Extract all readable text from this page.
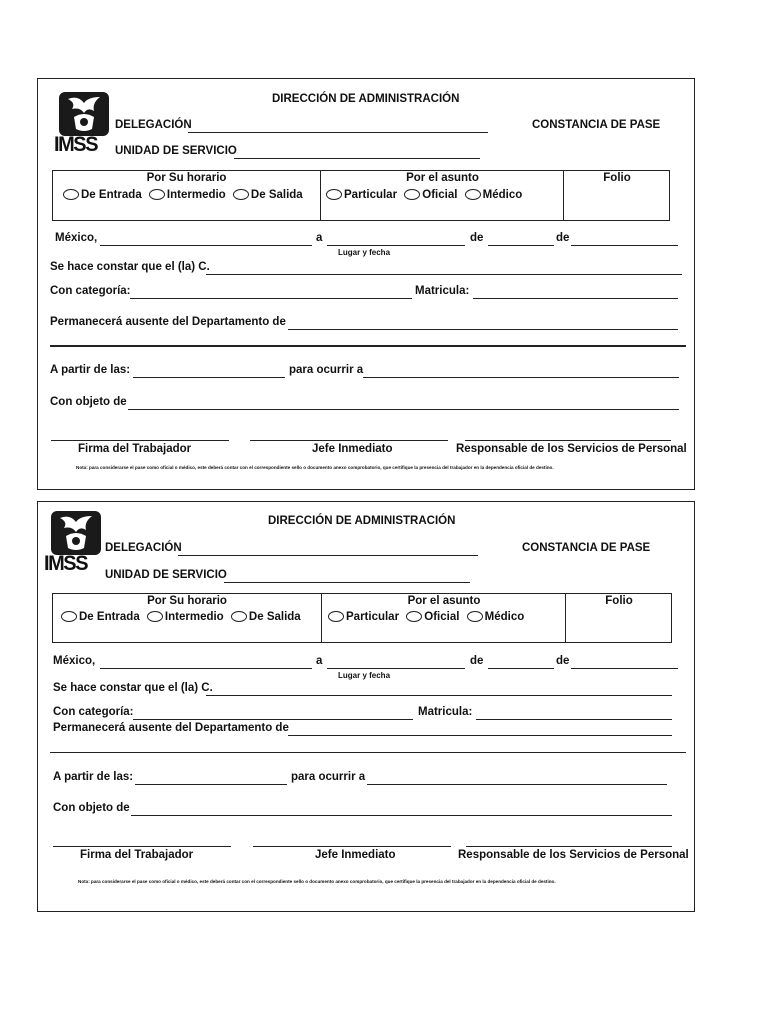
IMSS
DIRECCIÓN DE ADMINISTRACIÓN
DELEGACIÓN	CONSTANCIA DE PASE
UNIDAD DE SERVICIO
Por Su horario
De Entrada Intermedio De Salida
Por el asunto
Particular Oficial Médico
Folio
México,	a	de	de
Lugar y fecha
Se hace constar que el (la) C.
Con categoría:	Matricula:
Permanecerá ausente del Departamento de
A partir de las:	para ocurrir a
Con objeto de
Firma del Trabajador	Jefe Inmediato	Responsable de los Servicios de Personal
Nota: para considerarse el pase como oficial o médico, este deberá contar con el correspondiente sello o documento anexo comprobatorio, que certifique la presencia del trabajador en la dependencia oficial de destino.
IMSS
DIRECCIÓN DE ADMINISTRACIÓN
DELEGACIÓN	CONSTANCIA DE PASE
UNIDAD DE SERVICIO
Por Su horario
De Entrada Intermedio De Salida
Por el asunto
Particular Oficial Médico
Folio
México,	a	de	de
Lugar y fecha
Se hace constar que el (la) C.
Con categoría:	Matricula:
Permanecerá ausente del Departamento de
A partir de las:	para ocurrir a
Con objeto de
Firma del Trabajador	Jefe Inmediato	Responsable de los Servicios de Personal
Nota: para considerarse el pase como oficial o médico, este deberá contar con el correspondiente sello o documento anexo comprobatorio, que certifique la presencia del trabajador en la dependencia oficial de destino.
